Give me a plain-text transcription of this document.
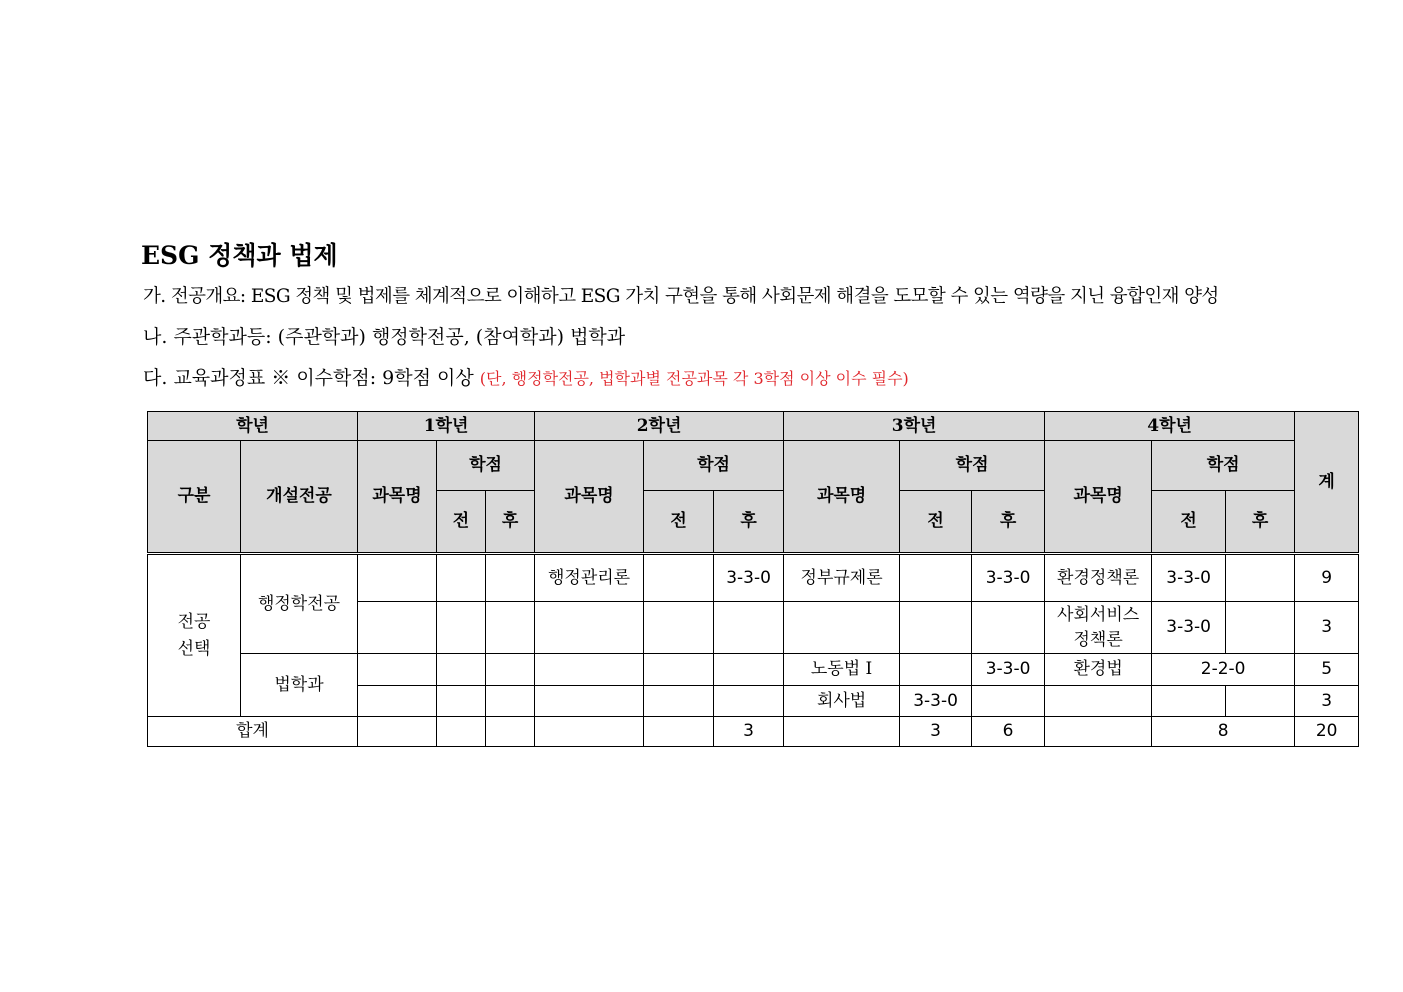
ESG 정책과 법제

가. 전공개요: ESG 정책 및 법제를 체계적으로 이해하고 ESG 가치 구현을 통해 사회문제 해결을 도모할 수 있는 역량을 지닌 융합인재 양성

나. 주관학과등: (주관학과) 행정학전공, (참여학과) 법학과

다. 교육과정표 ※ 이수학점: 9학점 이상 (단, 행정학전공, 법학과별 전공과목 각 3학점 이상 이수 필수)

학년		1학년			2학년			3학년			4학년			계
구분	개설전공	과목명	학점		과목명	학점		과목명	학점		과목명	학점		
			전	후		전	후		전	후		전	후	
전공
선택	행정학전공				행정관리론		3-3-0	정부규제론		3-3-0	환경정책론	3-3-0		9
											사회서비스
정책론	3-3-0		3
	법학과							노동법 Ⅰ		3-3-0	환경법	2-2-0		5
								회사법	3-3-0					3
합계							3		3	6		8		20
